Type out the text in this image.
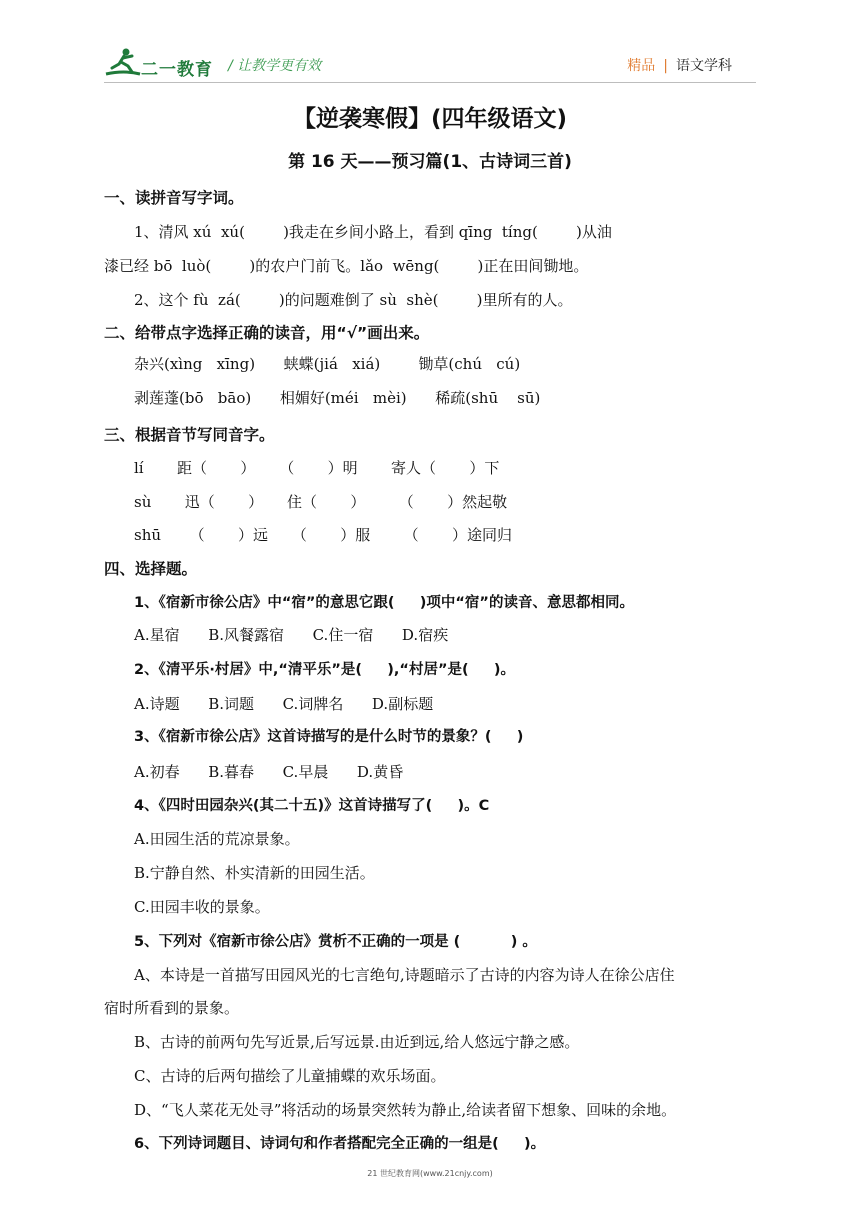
二一教育 / 让教学更有效	精品 | 语文学科
【逆袭寒假】(四年级语文)
第 16 天——预习篇(1、古诗词三首)
一、读拼音写字词。
1、清风 xú  xú(        )我走在乡间小路上，看到 qīng  tíng(        )从油
漆已经 bō  luò(        )的农户门前飞。lǎo  wēng(        )正在田间锄地。
2、这个 fù  zá(        )的问题难倒了 sù  shè(        )里所有的人。
二、给带点字选择正确的读音，用“√”画出来。
杂兴(xìng   xīng)      蛱蝶(jiá   xiá)        锄草(chú   cú)
剥莲蓬(bō   bāo)      相媚好(méi   mèi)      稀疏(shū    sū)
三、根据音节写同音字。
lí       距（       ）     （       ）明       寄人（       ）下
sù       迅（       ）     住（       ）       （       ）然起敬
shū      （       ）远     （       ）服       （       ）途同归
四、选择题。
1、《宿新市徐公店》中“宿”的意思它跟(     )项中“宿”的读音、意思都相同。
A.星宿      B.风餐露宿      C.住一宿      D.宿疾
2、《清平乐·村居》中,“清平乐”是(     ),“村居”是(     )。
A.诗题      B.词题      C.词牌名      D.副标题
3、《宿新市徐公店》这首诗描写的是什么时节的景象？(     )
A.初春      B.暮春      C.早晨      D.黄昏
4、《四时田园杂兴(其二十五)》这首诗描写了(     )。C
A.田园生活的荒凉景象。
B.宁静自然、朴实清新的田园生活。
C.田园丰收的景象。
5、下列对《宿新市徐公店》赏析不正确的一项是 (          ) 。
A、本诗是一首描写田园风光的七言绝句,诗题暗示了古诗的内容为诗人在徐公店住
宿时所看到的景象。
B、古诗的前两句先写近景,后写远景.由近到远,给人悠远宁静之感。
C、古诗的后两句描绘了儿童捕蝶的欢乐场面。
D、“飞人菜花无处寻”将活动的场景突然转为静止,给读者留下想象、回味的余地。
6、下列诗词题目、诗词句和作者搭配完全正确的一组是(     )。
21 世纪教育网(www.21cnjy.com)
